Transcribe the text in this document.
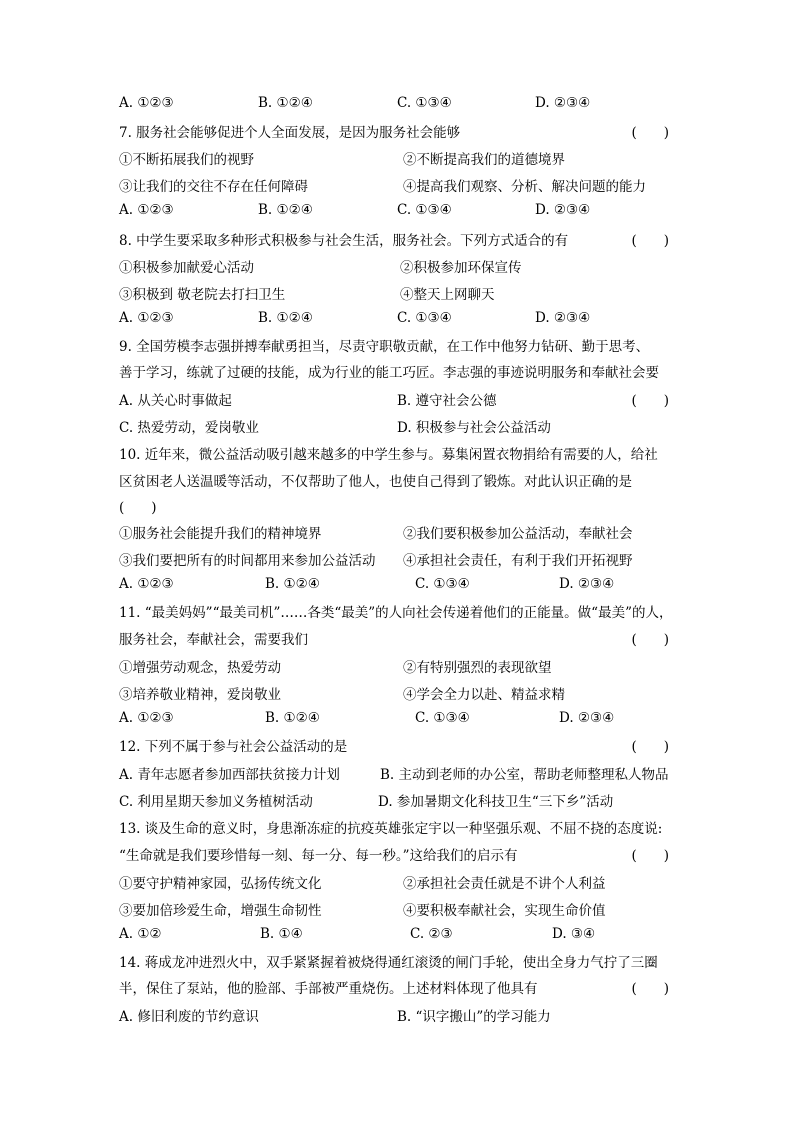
A. ①②③	B. ①②④	C. ①③④	D. ②③④
7. 服务社会能够促进个人全面发展，是因为服务社会能够	(　　)
①不断拓展我们的视野	②不断提高我们的道德境界
③让我们的交往不存在任何障碍	④提高我们观察、分析、解决问题的能力
A. ①②③	B. ①②④	C. ①③④	D. ②③④
8. 中学生要采取多种形式积极参与社会生活，服务社会。下列方式适合的有	(　　)
①积极参加献爱心活动	②积极参加环保宣传
③积极到 敬老院去打扫卫生	④整天上网聊天
A. ①②③	B. ①②④	C. ①③④	D. ②③④
9. 全国劳模李志强拼搏奉献勇担当，尽责守职敬贡献，在工作中他努力钻研、勤于思考、
善于学习，练就了过硬的技能，成为行业的能工巧匠。李志强的事迹说明服务和奉献社会要
A. 从关心时事做起	B. 遵守社会公德	(　　)
C. 热爱劳动，爱岗敬业	D. 积极参与社会公益活动
10. 近年来，微公益活动吸引越来越多的中学生参与。募集闲置衣物捐给有需要的人，给社
区贫困老人送温暖等活动，不仅帮助了他人，也使自己得到了锻炼。对此认识正确的是
(　　)
①服务社会能提升我们的精神境界	②我们要积极参加公益活动，奉献社会
③我们要把所有的时间都用来参加公益活动 ④承担社会责任，有利于我们开拓视野
A. ①②③	B. ①②④	C. ①③④	D. ②③④
11. “最美妈妈”“最美司机”……各类“最美”的人向社会传递着他们的正能量。做“最美”的人，
服务社会，奉献社会，需要我们	(　　)
①增强劳动观念，热爱劳动	②有特别强烈的表现欲望
③培养敬业精神，爱岗敬业	④学会全力以赴、精益求精
A. ①②③	B. ①②④	C. ①③④	D. ②③④
12. 下列不属于参与社会公益活动的是	(　　)
A. 青年志愿者参加西部扶贫接力计划	B. 主动到老师的办公室，帮助老师整理私人物品
C. 利用星期天参加义务植树活动	D. 参加暑期文化科技卫生“三下乡”活动
13. 谈及生命的意义时，身患渐冻症的抗疫英雄张定宇以一种坚强乐观、不屈不挠的态度说:
“生命就是我们要珍惜每一刻、每一分、每一秒。”这给我们的启示有	(　　)
①要守护精神家园，弘扬传统文化	②承担社会责任就是不讲个人利益
③要加倍珍爱生命，增强生命韧性	④要积极奉献社会，实现生命价值
A. ①②	B. ①④	C. ②③	D. ③④
14. 蒋成龙冲进烈火中，双手紧紧握着被烧得通红滚烫的闸门手轮，使出全身力气拧了三圈
半，保住了泵站，他的脸部、手部被严重烧伤。上述材料体现了他具有	(　　)
A. 修旧利废的节约意识	B. “识字搬山”的学习能力
